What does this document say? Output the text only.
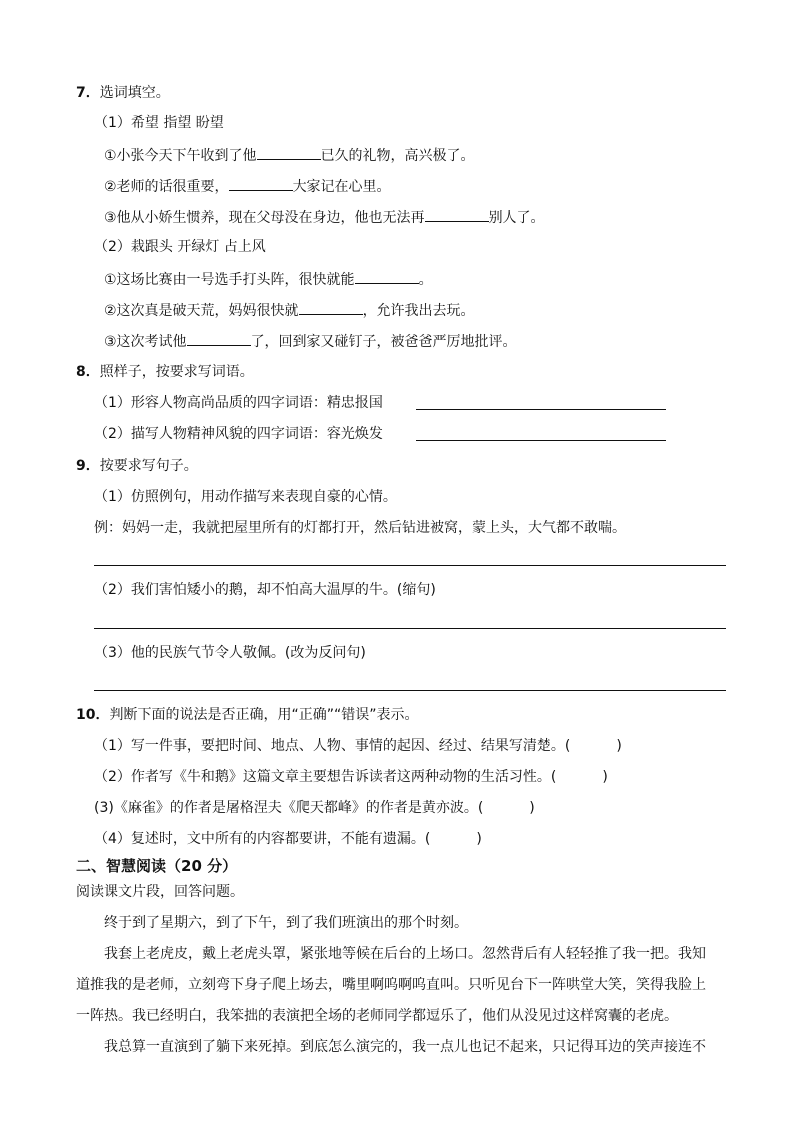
7．选词填空。
（1）希望 指望 盼望
①小张今天下午收到了他	已久的礼物，高兴极了。
②老师的话很重要，	大家记在心里。
③他从小娇生惯养，现在父母没在身边，他也无法再	别人了。
（2）栽跟头 开绿灯 占上风
①这场比赛由一号选手打头阵，很快就能	。
②这次真是破天荒，妈妈很快就	，允许我出去玩。
③这次考试他	了，回到家又碰钉子，被爸爸严厉地批评。
8．照样子，按要求写词语。
（1）形容人物高尚品质的四字词语：精忠报国
（2）描写人物精神风貌的四字词语：容光焕发
9．按要求写句子。
（1）仿照例句，用动作描写来表现自豪的心情。
例：妈妈一走，我就把屋里所有的灯都打开，然后钻进被窝，蒙上头，大气都不敢喘。
（2）我们害怕矮小的鹅，却不怕高大温厚的牛。(缩句)
（3）他的民族气节令人敬佩。(改为反问句)
10．判断下面的说法是否正确，用“正确”“错误”表示。
（1）写一件事，要把时间、地点、人物、事情的起因、经过、结果写清楚。(	)
（2）作者写《牛和鹅》这篇文章主要想告诉读者这两种动物的生活习性。(	)
(3)《麻雀》的作者是屠格涅夫《爬天都峰》的作者是黄亦波。(	)
（4）复述时，文中所有的内容都要讲，不能有遗漏。(	)
二、智慧阅读（20 分）
阅读课文片段，回答问题。
终于到了星期六，到了下午，到了我们班演出的那个时刻。
我套上老虎皮，戴上老虎头罩，紧张地等候在后台的上场口。忽然背后有人轻轻推了我一把。我知
道推我的是老师，立刻弯下身子爬上场去，嘴里啊呜啊呜直叫。只听见台下一阵哄堂大笑，笑得我脸上
一阵热。我已经明白，我笨拙的表演把全场的老师同学都逗乐了，他们从没见过这样窝囊的老虎。
我总算一直演到了躺下来死掉。到底怎么演完的，我一点儿也记不起来，只记得耳边的笑声接连不
